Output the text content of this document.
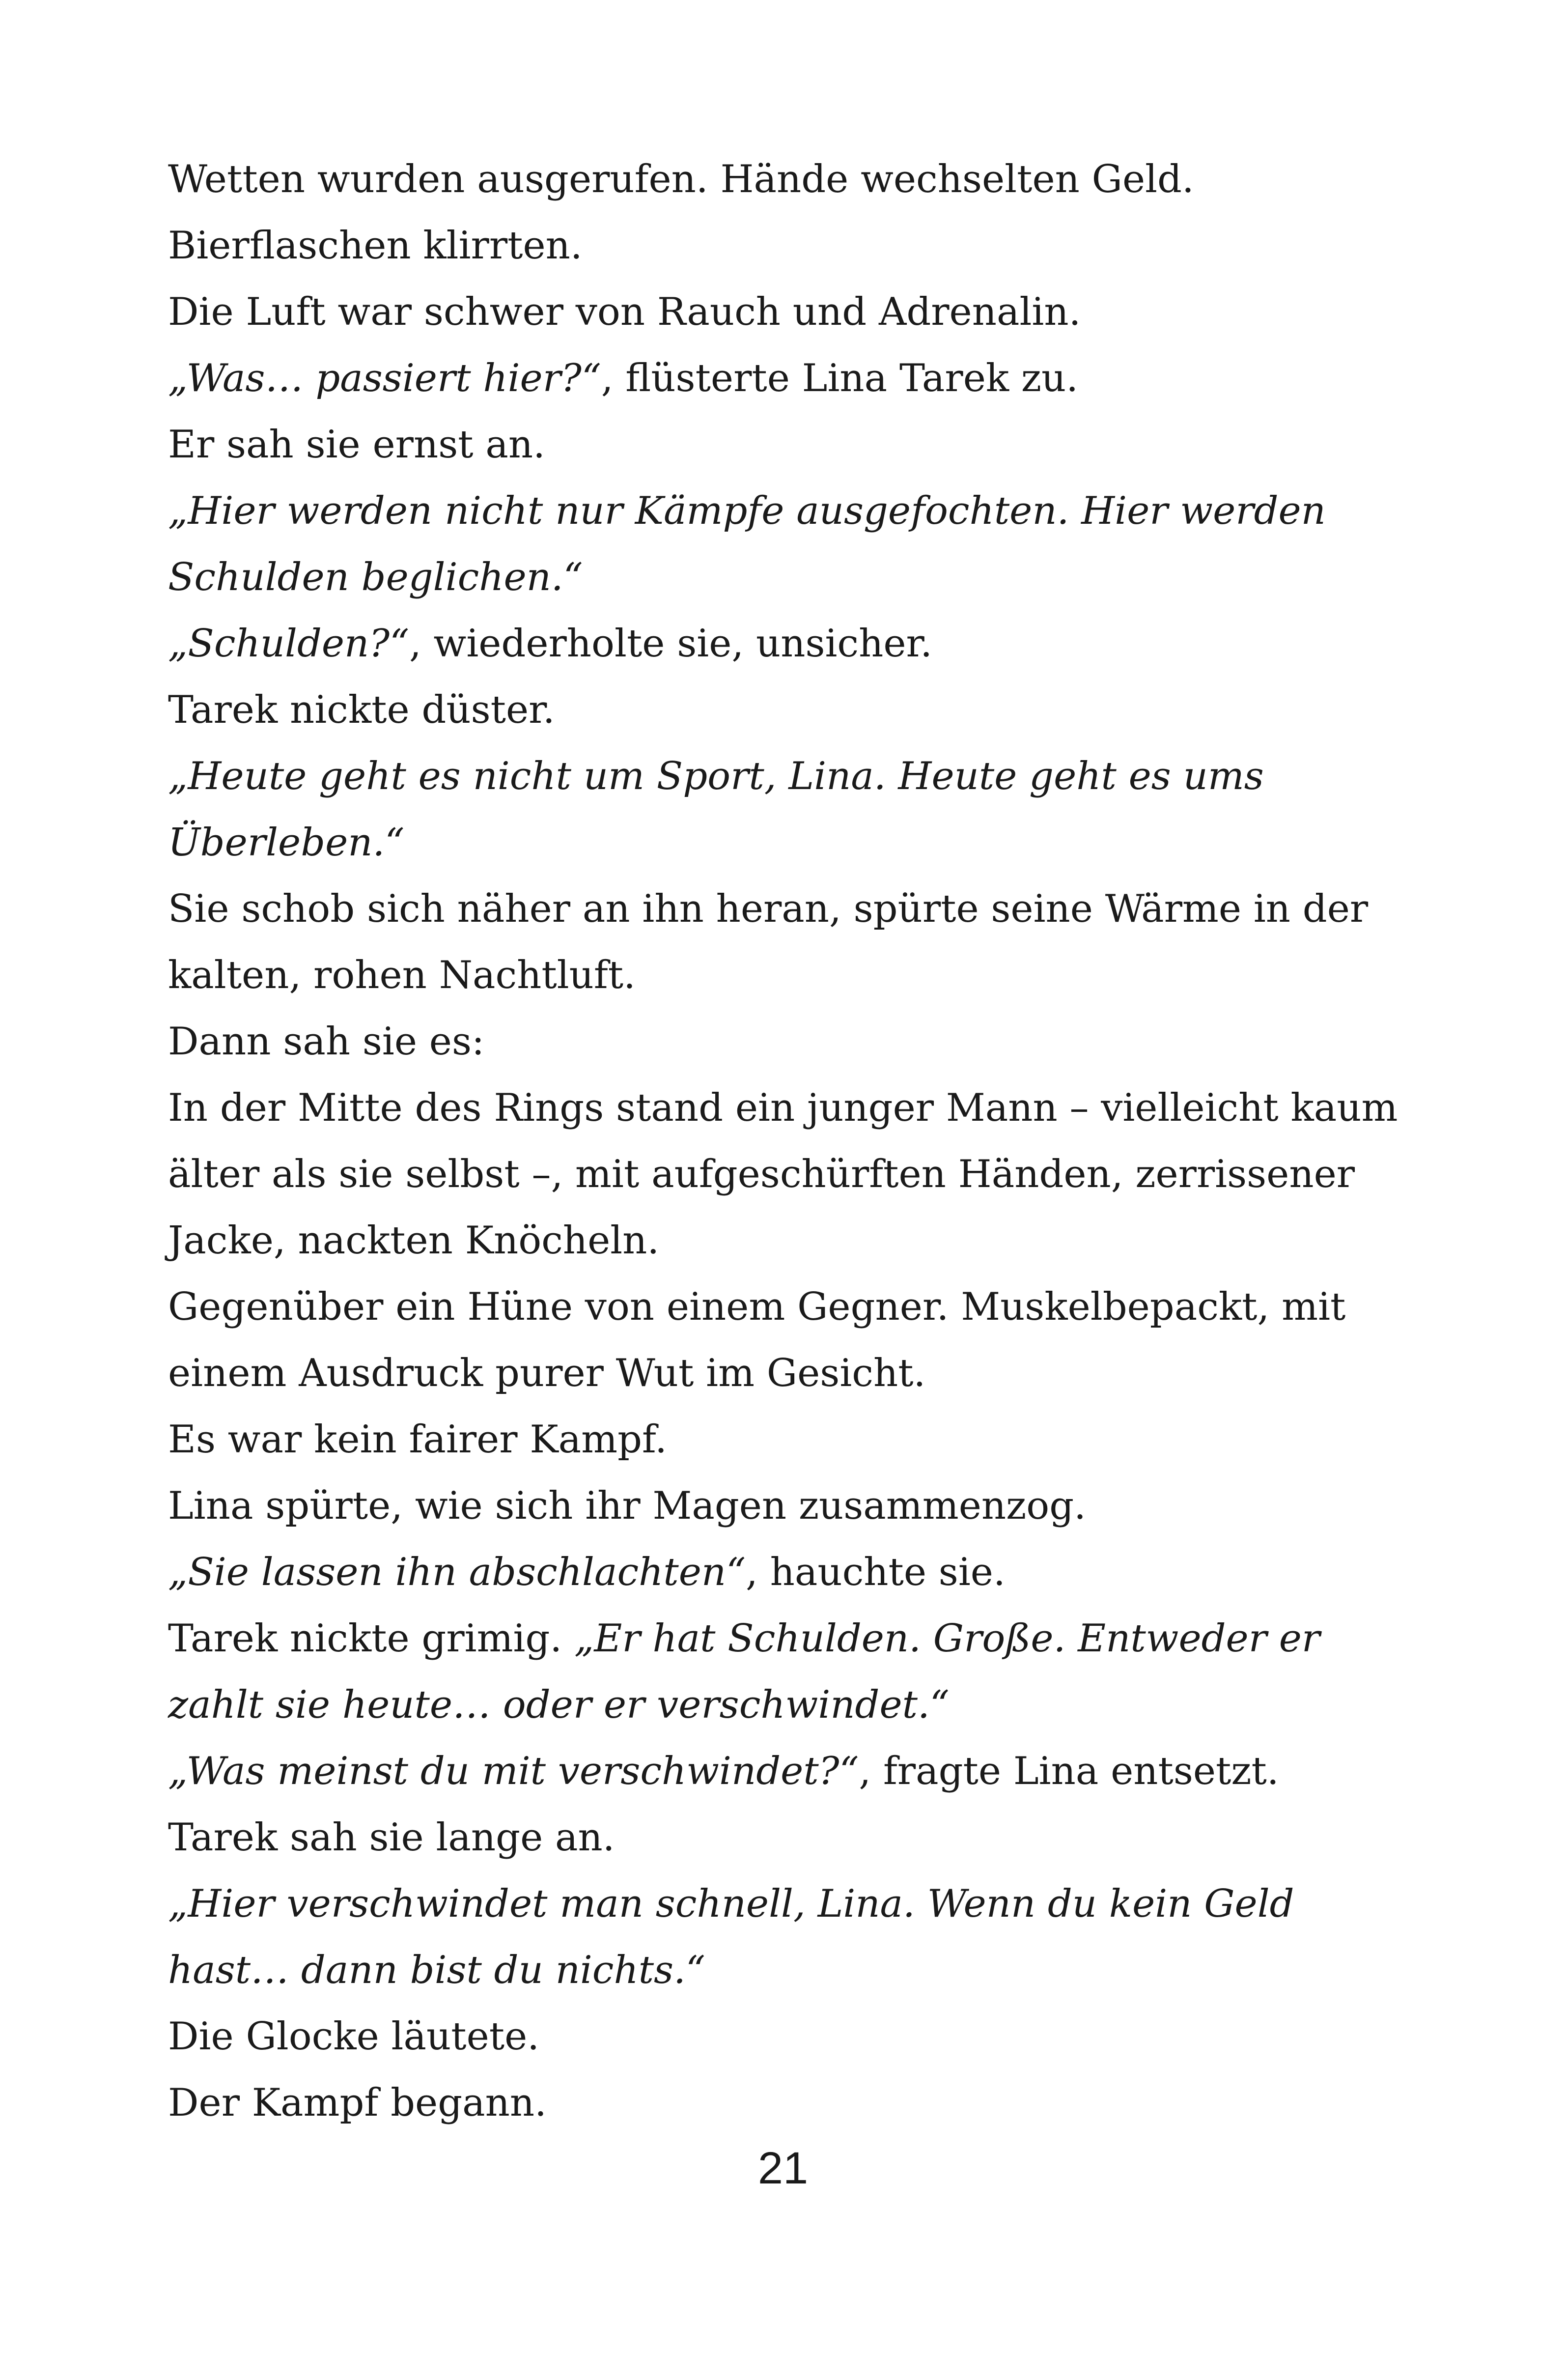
Wetten wurden ausgerufen. Hände wechselten Geld.

Bierflaschen klirrten.

Die Luft war schwer von Rauch und Adrenalin.

„Was… passiert hier?“, flüsterte Lina Tarek zu.

Er sah sie ernst an.

„Hier werden nicht nur Kämpfe ausgefochten. Hier werden Schulden beglichen.“

„Schulden?“, wiederholte sie, unsicher.

Tarek nickte düster.

„Heute geht es nicht um Sport, Lina. Heute geht es ums Überleben.“

Sie schob sich näher an ihn heran, spürte seine Wärme in der kalten, rohen Nachtluft.

Dann sah sie es:

In der Mitte des Rings stand ein junger Mann – vielleicht kaum älter als sie selbst –, mit aufgeschürften Händen, zerrissener Jacke, nackten Knöcheln.

Gegenüber ein Hüne von einem Gegner. Muskelbepackt, mit einem Ausdruck purer Wut im Gesicht.

Es war kein fairer Kampf.

Lina spürte, wie sich ihr Magen zusammenzog.

„Sie lassen ihn abschlachten“, hauchte sie.

Tarek nickte grimig. „Er hat Schulden. Große. Entweder er zahlt sie heute… oder er verschwindet.“

„Was meinst du mit verschwindet?“, fragte Lina entsetzt.

Tarek sah sie lange an.

„Hier verschwindet man schnell, Lina. Wenn du kein Geld hast… dann bist du nichts.“

Die Glocke läutete.

Der Kampf begann.

21
